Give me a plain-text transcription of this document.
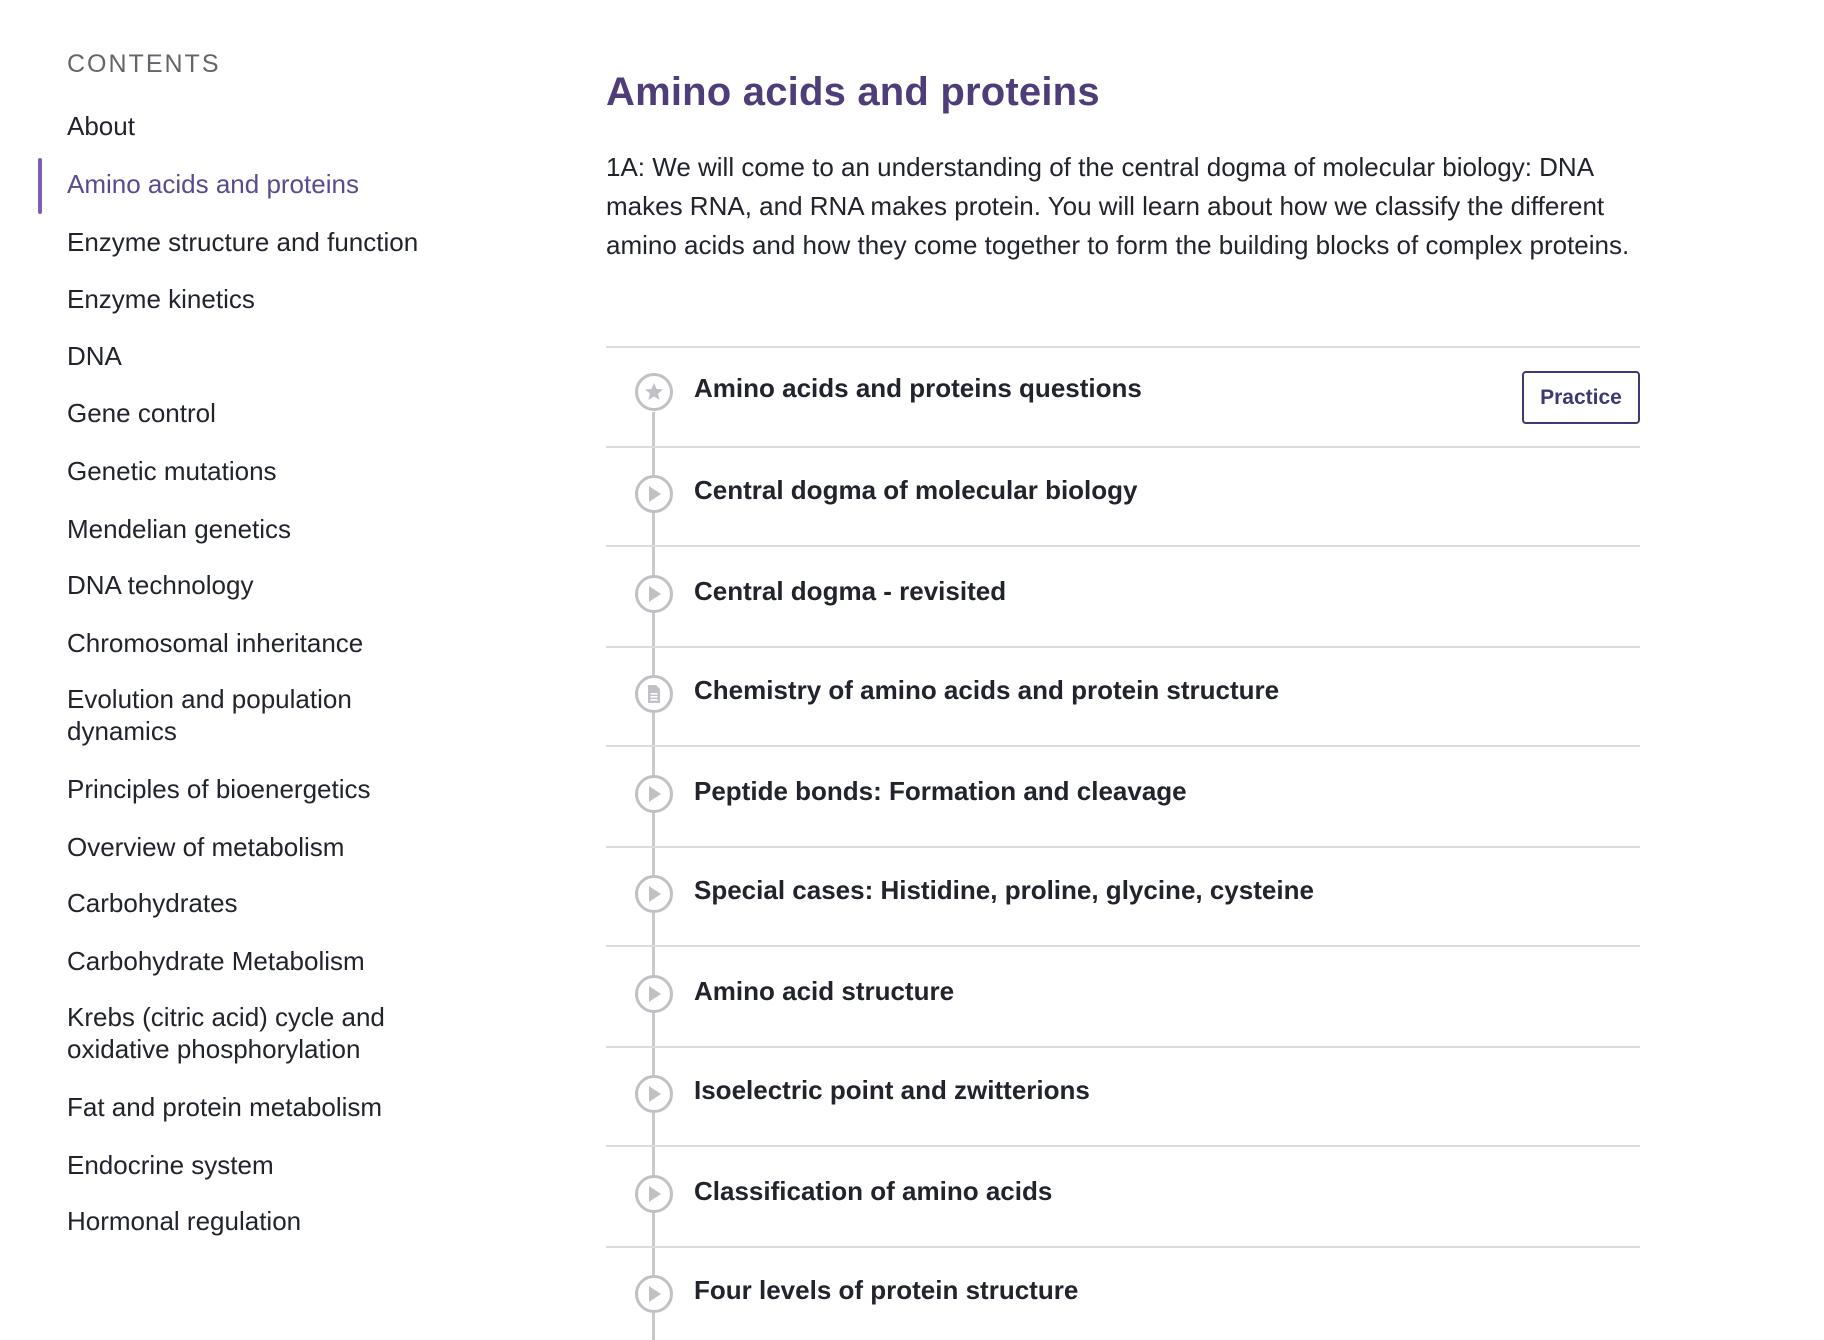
CONTENTS
About
Amino acids and proteins
Enzyme structure and function
Enzyme kinetics
DNA
Gene control
Genetic mutations
Mendelian genetics
DNA technology
Chromosomal inheritance
Evolution and population dynamics
Principles of bioenergetics
Overview of metabolism
Carbohydrates
Carbohydrate Metabolism
Krebs (citric acid) cycle and oxidative phosphorylation
Fat and protein metabolism
Endocrine system
Hormonal regulation
Amino acids and proteins

1A: We will come to an understanding of the central dogma of molecular biology: DNA makes RNA, and RNA makes protein. You will learn about how we classify the different amino acids and how they come together to form the building blocks of complex proteins.

Amino acids and proteins questions	Practice
Central dogma of molecular biology
Central dogma - revisited
Chemistry of amino acids and protein structure
Peptide bonds: Formation and cleavage
Special cases: Histidine, proline, glycine, cysteine
Amino acid structure
Isoelectric point and zwitterions
Classification of amino acids
Four levels of protein structure
